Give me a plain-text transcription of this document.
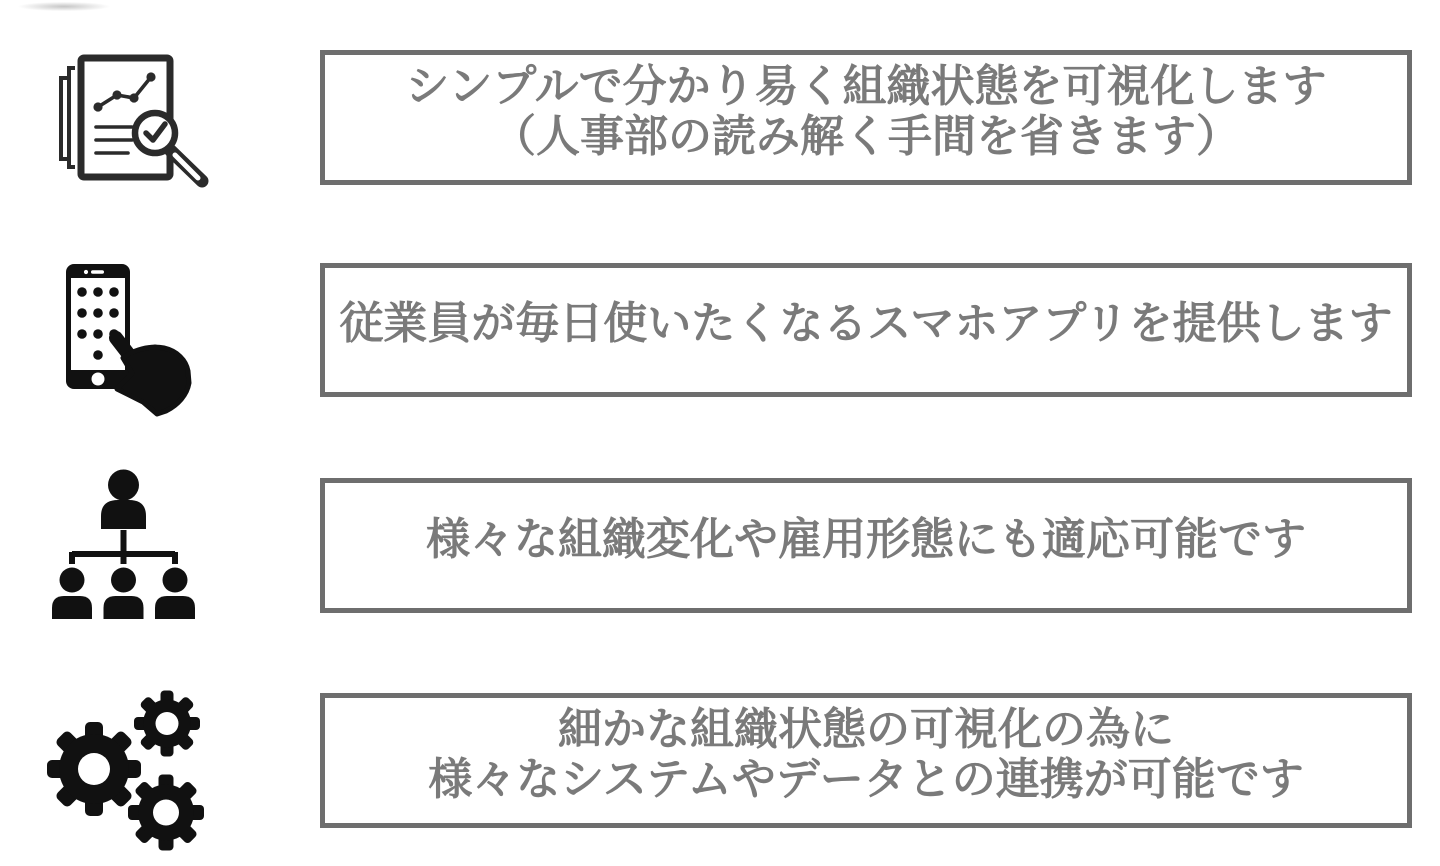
シンプルで分かり易く組織状態を可視化します

（人事部の読み解く手間を省きます）

従業員が毎日使いたくなるスマホアプリを提供します

様々な組織変化や雇用形態にも適応可能です

細かな組織状態の可視化の為に

様々なシステムやデータとの連携が可能です
